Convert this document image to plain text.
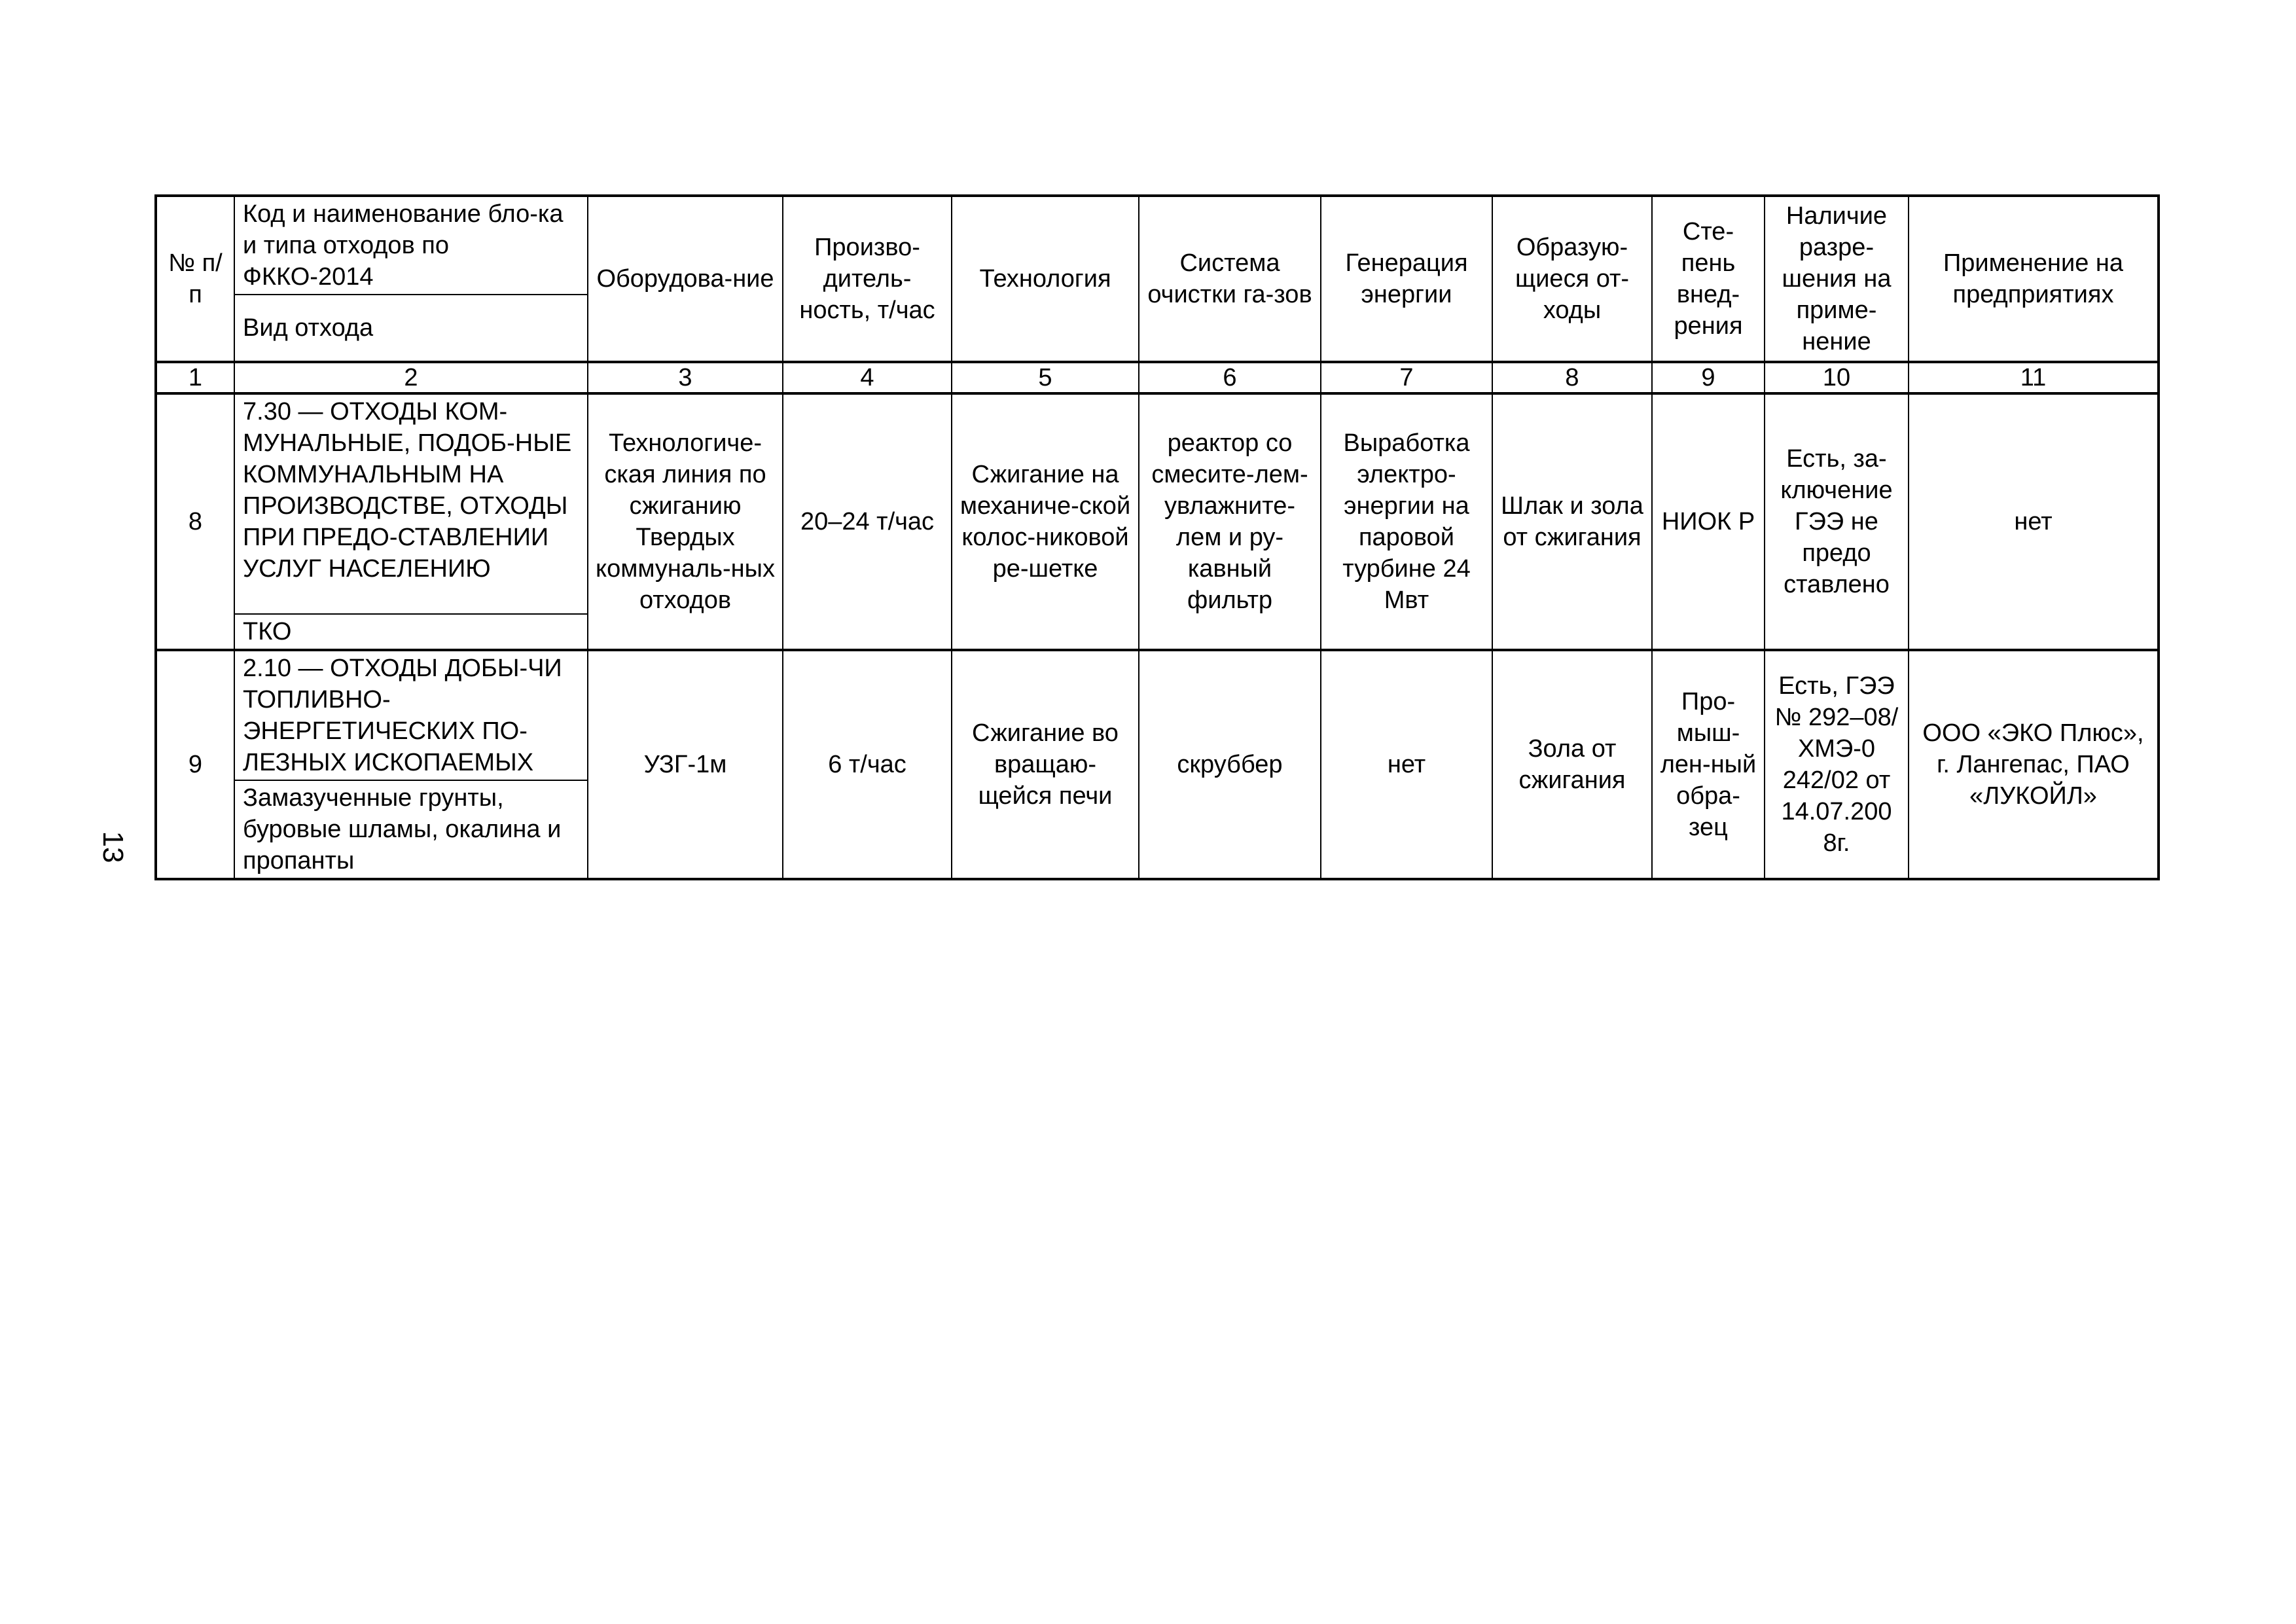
13
№ п/п	Код и наименование бло-ка и типа отходов по ФККО-2014	Оборудова-ние	Произво-дитель-ность, т/час	Технология	Система очистки га-зов	Генерация энергии	Образую-щиеся от-ходы	Сте-пень внед-рения	Наличие разре-шения на приме-нение	Применение на предприятиях
	Вид отхода									
1	2	3	4	5	6	7	8	9	10	11
8	7.30 — ОТХОДЫ КОМ-МУНАЛЬНЫЕ, ПОДОБ-НЫЕ КОММУНАЛЬНЫМ НА ПРОИЗВОДСТВЕ, ОТХОДЫ ПРИ ПРЕДО-СТАВЛЕНИИ УСЛУГ НАСЕЛЕНИЮ	Технологиче-ская линия по сжиганию Твердых коммуналь-ных отходов	20–24 т/час	Сжигание на механиче-ской колос-никовой ре-шетке	реактор со смесите-лем-увлажните-лем и ру-кавный фильтр	Выработка электро-энергии на паровой турбине 24 Мвт	Шлак и зола от сжигания	НИОК Р	Есть, за-ключение ГЭЭ не предо ставлено	нет
	ТКО									
9	2.10 — ОТХОДЫ ДОБЫ-ЧИ ТОПЛИВНО-ЭНЕРГЕТИЧЕСКИХ ПО-ЛЕЗНЫХ ИСКОПАЕМЫХ	УЗГ-1м	6 т/час	Сжигание во вращаю-щейся печи	скруббер	нет	Зола от сжигания	Про-мыш-лен-ный обра-зец	Есть, ГЭЭ № 292–08/ХМЭ-0 242/02 от 14.07.200 8г.	ООО «ЭКО Плюс», г. Лангепас, ПАО «ЛУКОЙЛ»
	Замазученные грунты, буровые шламы, окалина и пропанты									
